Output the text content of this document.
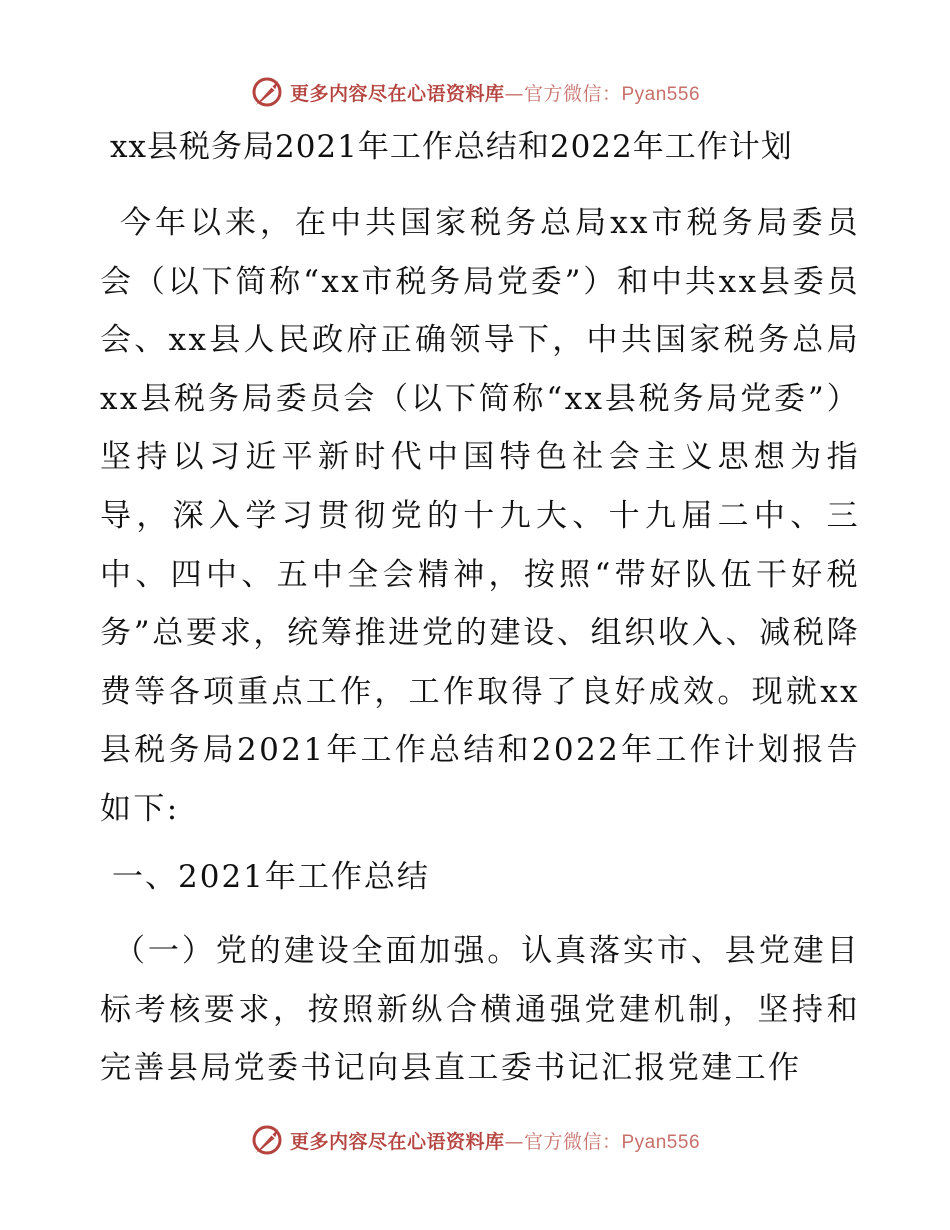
更多内容尽在心语资料库—官方微信：Pyan556
xx县税务局2021年工作总结和2022年工作计划

今年以来，在中共国家税务总局xx市税务局委员会（以下简称“xx市税务局党委”）和中共xx县委员会、xx县人民政府正确领导下，中共国家税务总局xx县税务局委员会（以下简称“xx县税务局党委”）坚持以习近平新时代中国特色社会主义思想为指导，深入学习贯彻党的十九大、十九届二中、三中、四中、五中全会精神，按照“带好队伍干好税务”总要求，统筹推进党的建设、组织收入、减税降费等各项重点工作，工作取得了良好成效。现就xx县税务局2021年工作总结和2022年工作计划报告如下:

一、2021年工作总结

（一）党的建设全面加强。认真落实市、县党建目标考核要求，按照新纵合横通强党建机制，坚持和完善县局党委书记向县直工委书记汇报党建工作

更多内容尽在心语资料库—官方微信：Pyan556
